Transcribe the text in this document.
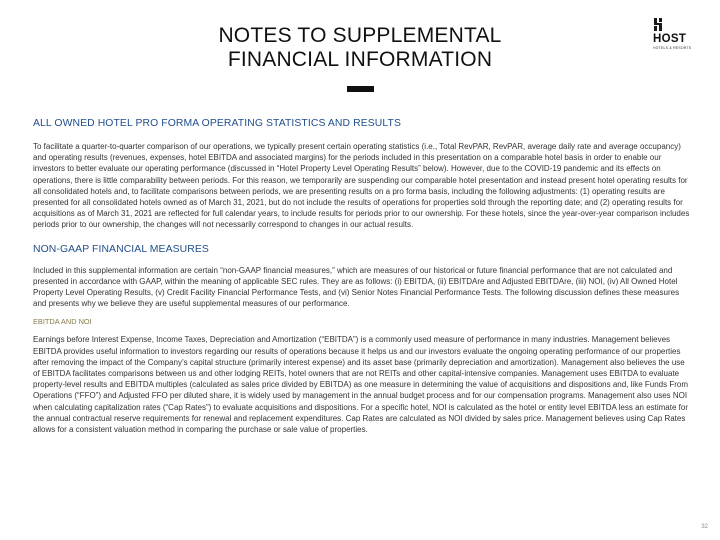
NOTES TO SUPPLEMENTAL
FINANCIAL INFORMATION
HOST
HOTELS & RESORTS
ALL OWNED HOTEL PRO FORMA OPERATING STATISTICS AND RESULTS

To facilitate a quarter-to-quarter comparison of our operations, we typically present certain operating statistics (i.e., Total RevPAR, RevPAR, average daily rate and average occupancy) and operating results (revenues, expenses, hotel EBITDA and associated margins) for the periods included in this presentation on a comparable hotel basis in order to enable our investors to better evaluate our operating performance (discussed in “Hotel Property Level Operating Results” below). However, due to the COVID-19 pandemic and its effects on operations, there is little comparability between periods. For this reason, we temporarily are suspending our comparable hotel presentation and instead present hotel operating results for all consolidated hotels and, to facilitate comparisons between periods, we are presenting results on a pro forma basis, including the following adjustments: (1) operating results are presented for all consolidated hotels owned as of March 31, 2021, but do not include the results of operations for properties sold through the reporting date; and (2) operating results for acquisitions as of March 31, 2021 are reflected for full calendar years, to include results for periods prior to our ownership. For these hotels, since the year-over-year comparison includes periods prior to our ownership, the changes will not necessarily correspond to changes in our actual results.

NON-GAAP FINANCIAL MEASURES

Included in this supplemental information are certain “non-GAAP financial measures,” which are measures of our historical or future financial performance that are not calculated and presented in accordance with GAAP, within the meaning of applicable SEC rules. They are as follows: (i) EBITDA, (ii) EBITDAre and Adjusted EBITDAre, (iii) NOI, (iv) All Owned Hotel Property Level Operating Results, (v) Credit Facility Financial Performance Tests, and (vi) Senior Notes Financial Performance Tests. The following discussion defines these measures and presents why we believe they are useful supplemental measures of our performance.

EBITDA AND NOI

Earnings before Interest Expense, Income Taxes, Depreciation and Amortization (“EBITDA”) is a commonly used measure of performance in many industries. Management believes EBITDA provides useful information to investors regarding our results of operations because it helps us and our investors evaluate the ongoing operating performance of our properties after removing the impact of the Company’s capital structure (primarily interest expense) and its asset base (primarily depreciation and amortization). Management also believes the use of EBITDA facilitates comparisons between us and other lodging REITs, hotel owners that are not REITs and other capital-intensive companies. Management uses EBITDA to evaluate property-level results and EBITDA multiples (calculated as sales price divided by EBITDA) as one measure in determining the value of acquisitions and dispositions and, like Funds From Operations (“FFO”) and Adjusted FFO per diluted share, it is widely used by management in the annual budget process and for our compensation programs. Management also uses NOI when calculating capitalization rates (“Cap Rates”) to evaluate acquisitions and dispositions. For a specific hotel, NOI is calculated as the hotel or entity level EBITDA less an estimate for the annual contractual reserve requirements for renewal and replacement expenditures. Cap Rates are calculated as NOI divided by sales price. Management believes using Cap Rates allows for a consistent valuation method in comparing the purchase or sale value of properties.

32
